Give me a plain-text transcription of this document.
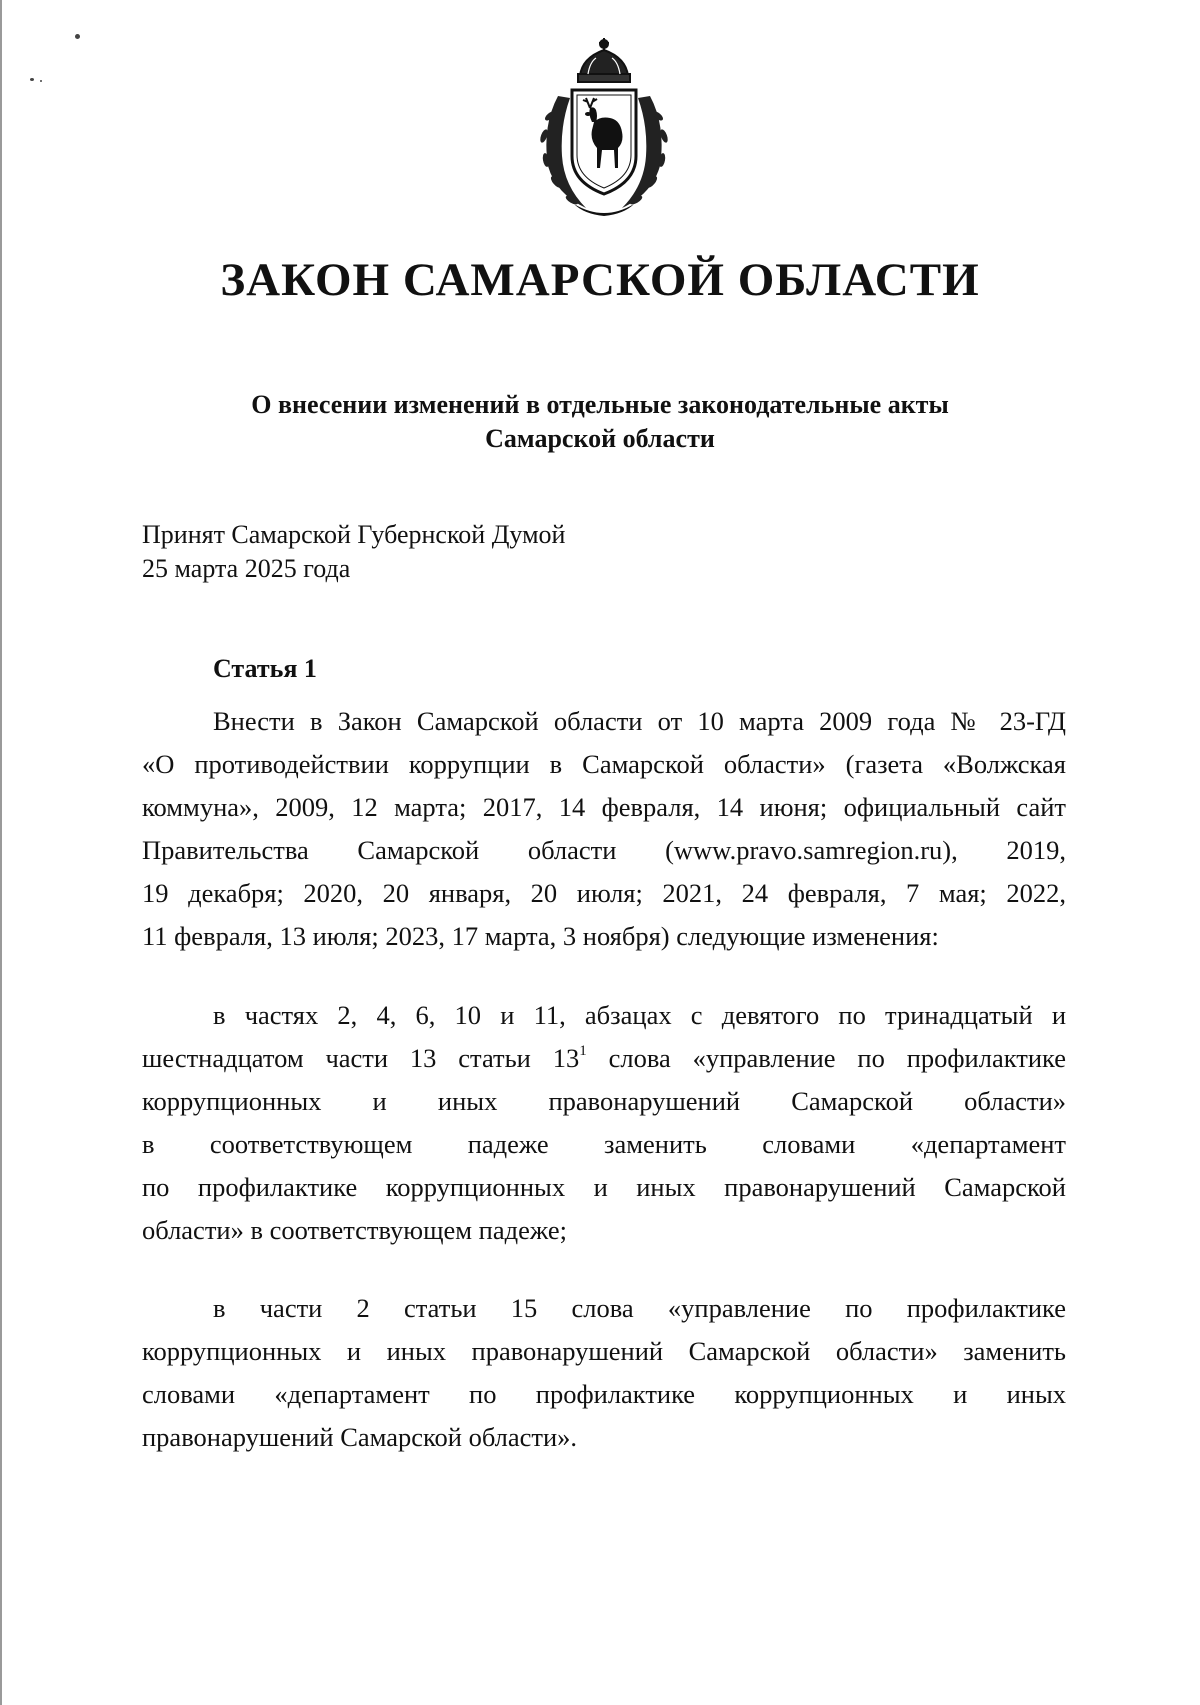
ЗАКОН САМАРСКОЙ ОБЛАСТИ
О внесении изменений в отдельные законодательные акты
Самарской области
Принят Самарской Губернской Думой
25 марта 2025 года
Статья 1
Внести в Закон Самарской области от 10 марта 2009 года № 23-ГД
«О противодействии коррупции в Самарской области» (газета «Волжская
коммуна», 2009, 12 марта; 2017, 14 февраля, 14 июня; официальный сайт
Правительства Самарской области (www.pravo.samregion.ru), 2019,
19 декабря; 2020, 20 января, 20 июля; 2021, 24 февраля, 7 мая; 2022,
11 февраля, 13 июля; 2023, 17 марта, 3 ноября) следующие изменения:
в частях 2, 4, 6, 10 и 11, абзацах с девятого по тринадцатый и
шестнадцатом части 13 статьи $13^1$ слова «управление по профилактике
коррупционных и иных правонарушений Самарской области»
в соответствующем падеже заменить словами «департамент
по профилактике коррупционных и иных правонарушений Самарской
области» в соответствующем падеже;
в части 2 статьи 15 слова «управление по профилактике
коррупционных и иных правонарушений Самарской области» заменить
словами «департамент по профилактике коррупционных и иных
правонарушений Самарской области».
